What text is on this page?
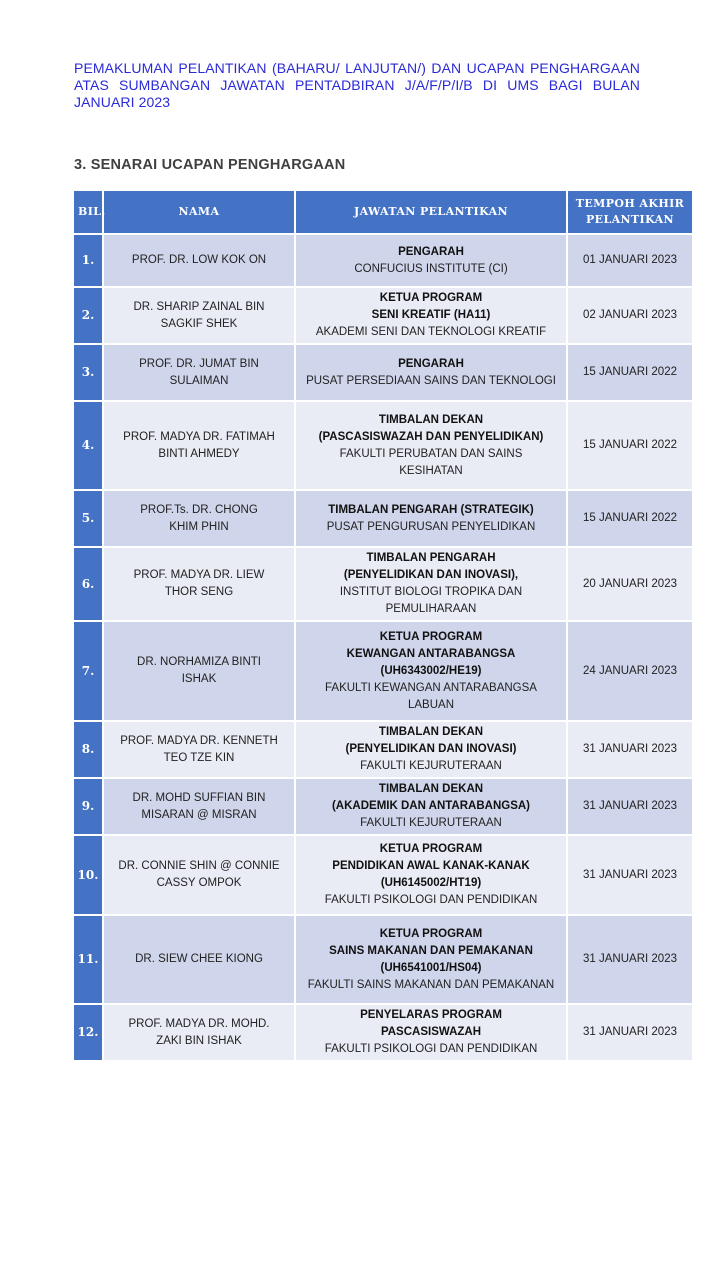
PEMAKLUMAN PELANTIKAN (BAHARU/ LANJUTAN/) DAN UCAPAN PENGHARGAAN ATAS SUMBANGAN JAWATAN PENTADBIRAN J/A/F/P/I/B DI UMS BAGI BULAN JANUARI 2023
3. SENARAI UCAPAN PENGHARGAAN
BIL.	NAMA	JAWATAN PELANTIKAN	TEMPOH AKHIR
PELANTIKAN
1.	PROF. DR. LOW KOK ON	PENGARAH
CONFUCIUS INSTITUTE (CI)	01 JANUARI 2023
2.	DR. SHARIP ZAINAL BIN
SAGKIF SHEK	KETUA PROGRAM
SENI KREATIF (HA11)
AKADEMI SENI DAN TEKNOLOGI KREATIF	02 JANUARI 2023
3.	PROF. DR. JUMAT BIN
SULAIMAN	PENGARAH
PUSAT PERSEDIAAN SAINS DAN TEKNOLOGI	15 JANUARI 2022
4.	PROF. MADYA DR. FATIMAH
BINTI AHMEDY	TIMBALAN DEKAN
(PASCASISWAZAH DAN PENYELIDIKAN)
FAKULTI PERUBATAN DAN SAINS
KESIHATAN	15 JANUARI 2022
5.	PROF.Ts. DR. CHONG
KHIM PHIN	TIMBALAN PENGARAH (STRATEGIK)
PUSAT PENGURUSAN PENYELIDIKAN	15 JANUARI 2022
6.	PROF. MADYA DR. LIEW
THOR SENG	TIMBALAN PENGARAH
(PENYELIDIKAN DAN INOVASI),
INSTITUT BIOLOGI TROPIKA DAN
PEMULIHARAAN	20 JANUARI 2023
7.	DR. NORHAMIZA BINTI
ISHAK	KETUA PROGRAM
KEWANGAN ANTARABANGSA
(UH6343002/HE19)
FAKULTI KEWANGAN ANTARABANGSA
LABUAN	24 JANUARI 2023
8.	PROF. MADYA DR. KENNETH
TEO TZE KIN	TIMBALAN DEKAN
(PENYELIDIKAN DAN INOVASI)
FAKULTI KEJURUTERAAN	31 JANUARI 2023
9.	DR. MOHD SUFFIAN BIN
MISARAN @ MISRAN	TIMBALAN DEKAN
(AKADEMIK DAN ANTARABANGSA)
FAKULTI KEJURUTERAAN	31 JANUARI 2023
10.	DR. CONNIE SHIN @ CONNIE
CASSY OMPOK	KETUA PROGRAM
PENDIDIKAN AWAL KANAK-KANAK
(UH6145002/HT19)
FAKULTI PSIKOLOGI DAN PENDIDIKAN	31 JANUARI 2023
11.	DR. SIEW CHEE KIONG	KETUA PROGRAM
SAINS MAKANAN DAN PEMAKANAN
(UH6541001/HS04)
FAKULTI SAINS MAKANAN DAN PEMAKANAN	31 JANUARI 2023
12.	PROF. MADYA DR. MOHD.
ZAKI BIN ISHAK	PENYELARAS PROGRAM
PASCASISWAZAH
FAKULTI PSIKOLOGI DAN PENDIDIKAN	31 JANUARI 2023
